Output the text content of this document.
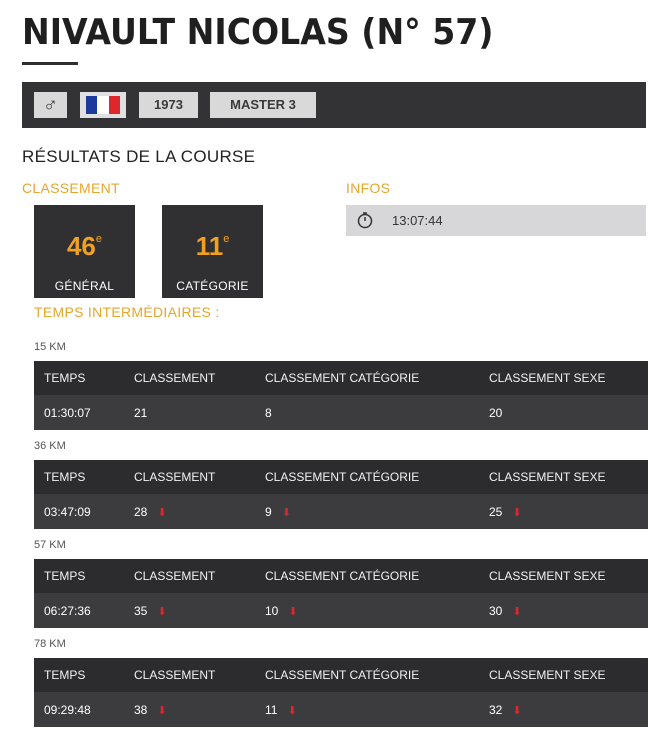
NIVAULT NICOLAS (N° 57)
♂	1973	MASTER 3
RÉSULTATS DE LA COURSE
CLASSEMENT	INFOS
46e
GÉNÉRAL
11e
CATÉGORIE
13:07:44
TEMPS INTERMÉDIAIRES :
15 KM
TEMPS	CLASSEMENT	CLASSEMENT CATÉGORIE	CLASSEMENT SEXE
01:30:07	21	8	20
36 KM
TEMPS	CLASSEMENT	CLASSEMENT CATÉGORIE	CLASSEMENT SEXE
03:47:09	28 ⬇	9 ⬇	25 ⬇
57 KM
TEMPS	CLASSEMENT	CLASSEMENT CATÉGORIE	CLASSEMENT SEXE
06:27:36	35 ⬇	10 ⬇	30 ⬇
78 KM
TEMPS	CLASSEMENT	CLASSEMENT CATÉGORIE	CLASSEMENT SEXE
09:29:48	38 ⬇	11 ⬇	32 ⬇
